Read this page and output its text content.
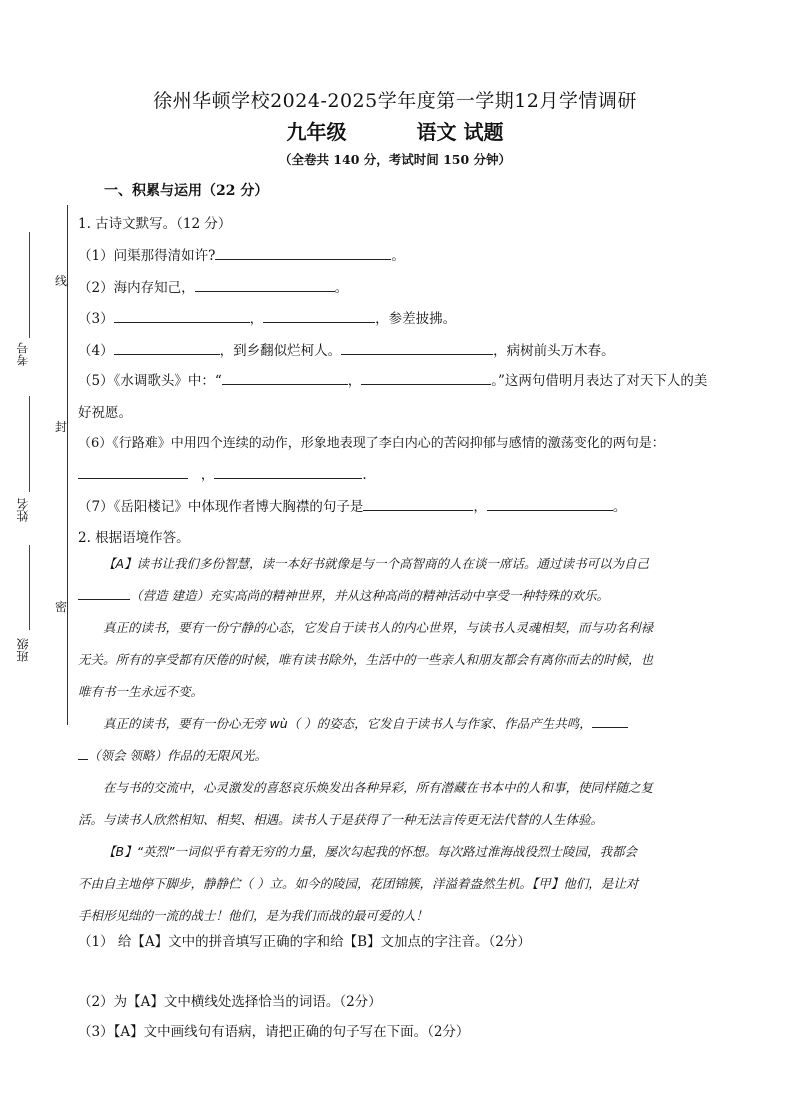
徐州华顿学校2024-2025学年度第一学期12月学情调研
九年级	语文 试题
（全卷共 140 分，考试时间 150 分钟）
一、积累与运用（22 分）
线
封
密
考号
姓名
班级
1. 古诗文默写。（12 分）
（1）问渠那得清如许?	。
（2）海内存知己，	。
（3）	，	，参差披拂。
（4）	，到乡翻似烂柯人。	，病树前头万木春。
（5）《水调歌头》中：“	，	。”这两句借明月表达了对天下人的美
好祝愿。
（6）《行路难》中用四个连续的动作，形象地表现了李白内心的苦闷抑郁与感情的激荡变化的两句是：
，	.
（7）《岳阳楼记》中体现作者博大胸襟的句子是	，	。
2. 根据语境作答。

【A】读书让我们多份智慧，读一本好书就像是与一个高智商的人在谈一席话。通过读书可以为自己

（营造 建造）充实高尚的精神世界，并从这种高尚的精神活动中享受一种特殊的欢乐。

真正的读书，要有一份宁静的心态，它发自于读书人的内心世界，与读书人灵魂相契，而与功名利禄

无关。所有的享受都有厌倦的时候，唯有读书除外，生活中的一些亲人和朋友都会有离你而去的时候，也

唯有书一生永远不变。

真正的读书，要有一份心无旁 wù（ ）的姿态，它发自于读书人与作家、作品产生共鸣，

（领会 领略）作品的无限风光。

在与书的交流中，心灵激发的喜怒哀乐焕发出各种异彩，所有潜藏在书本中的人和事，使同样随之复

活。与读书人欣然相知、相契、相遇。读书人于是获得了一种无法言传更无法代替的人生体验。

【B】“英烈”一词似乎有着无穷的力量，屡次勾起我的怀想。每次路过淮海战役烈士陵园，我都会

不由自主地停下脚步，静静伫（ ）立。如今的陵园，花团锦簇，洋溢着盎然生机。【甲】他们，是让对

手相形见绌的一流的战士！他们，是为我们而战的最可爱的人！

（1） 给【A】文中的拼音填写正确的字和给【B】文加点的字注音。（2分）
（2）为【A】文中横线处选择恰当的词语。（2分）
（3）【A】文中画线句有语病，请把正确的句子写在下面。（2分）
